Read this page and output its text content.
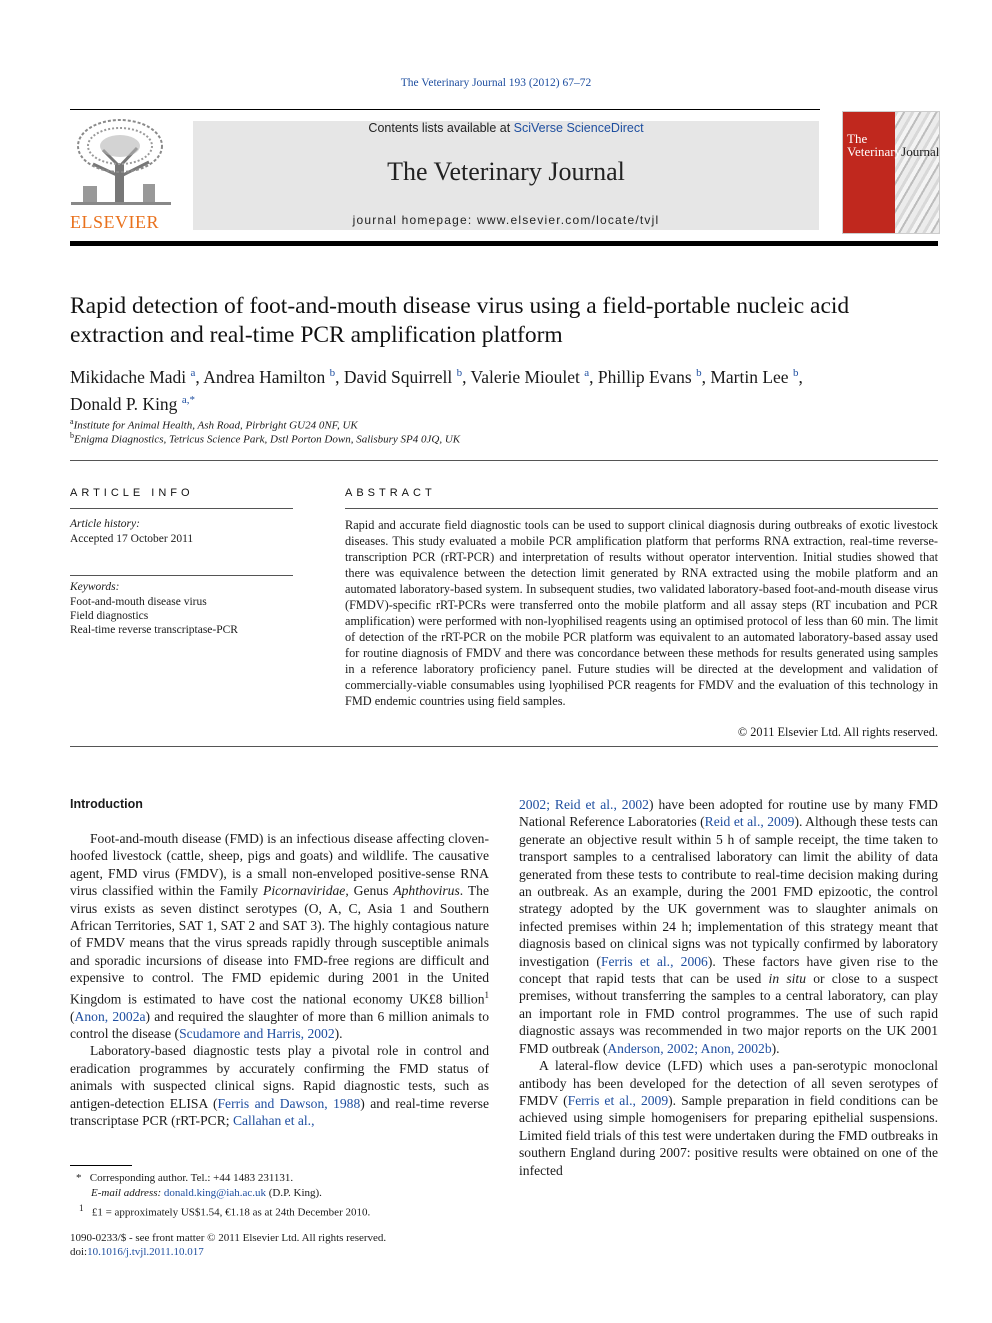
The Veterinary Journal 193 (2012) 67–72
ELSEVIER
Contents lists available at SciVerse ScienceDirect
The Veterinary Journal
journal homepage: www.elsevier.com/locate/tvjl
The
VeterinaryJournal
Rapid detection of foot-and-mouth disease virus using a field-portable nucleic acid extraction and real-time PCR amplification platform
Mikidache Madi $^a$, Andrea Hamilton $^b$, David Squirrell $^b$, Valerie Mioulet $^a$, Phillip Evans $^b$, Martin Lee $^b$,
Donald P. King $^{a,*}$
$^a$Institute for Animal Health, Ash Road, Pirbright GU24 0NF, UK
$^b$Enigma Diagnostics, Tetricus Science Park, Dstl Porton Down, Salisbury SP4 0JQ, UK
ARTICLE INFO
Article history:
Accepted 17 October 2011
Keywords:
Foot-and-mouth disease virus
Field diagnostics
Real-time reverse transcriptase-PCR
ABSTRACT
Rapid and accurate field diagnostic tools can be used to support clinical diagnosis during outbreaks of exotic livestock diseases. This study evaluated a mobile PCR amplification platform that performs RNA extraction, real-time reverse-transcription PCR (rRT-PCR) and interpretation of results without operator intervention. Initial studies showed that there was equivalence between the detection limit generated by RNA extracted using the mobile platform and an automated laboratory-based system. In subsequent studies, two validated laboratory-based foot-and-mouth disease virus (FMDV)-specific rRT-PCRs were transferred onto the mobile platform and all assay steps (RT incubation and PCR amplification) were performed with non-lyophilised reagents using an optimised protocol of less than 60 min. The limit of detection of the rRT-PCR on the mobile PCR platform was equivalent to an automated laboratory-based assay used for routine diagnosis of FMDV and there was concordance between these methods for results generated using samples in a reference laboratory proficiency panel. Future studies will be directed at the development and validation of commercially-viable consumables using lyophilised PCR reagents for FMDV and the evaluation of this technology in FMD endemic countries using field samples.
© 2011 Elsevier Ltd. All rights reserved.
Introduction

Foot-and-mouth disease (FMD) is an infectious disease affecting cloven-hoofed livestock (cattle, sheep, pigs and goats) and wildlife. The causative agent, FMD virus (FMDV), is a small non-enveloped positive-sense RNA virus classified within the Family Picornaviridae, Genus Aphthovirus. The virus exists as seven distinct serotypes (O, A, C, Asia 1 and Southern African Territories, SAT 1, SAT 2 and SAT 3). The highly contagious nature of FMDV means that the virus spreads rapidly through susceptible animals and sporadic incursions of disease into FMD-free regions are difficult and expensive to control. The FMD epidemic during 2001 in the United Kingdom is estimated to have cost the national economy UK£8 billion$^1$ (Anon, 2002a) and required the slaughter of more than 6 million animals to control the disease (Scudamore and Harris, 2002).

Laboratory-based diagnostic tests play a pivotal role in control and eradication programmes by accurately confirming the FMD status of animals with suspected clinical signs. Rapid diagnostic tests, such as antigen-detection ELISA (Ferris and Dawson, 1988) and real-time reverse transcriptase PCR (rRT-PCR; Callahan et al.,

2002; Reid et al., 2002) have been adopted for routine use by many FMD National Reference Laboratories (Reid et al., 2009). Although these tests can generate an objective result within 5 h of sample receipt, the time taken to transport samples to a centralised laboratory can limit the ability of data generated from these tests to contribute to real-time decision making during an outbreak. As an example, during the 2001 FMD epizootic, the control strategy adopted by the UK government was to slaughter animals on infected premises within 24 h; implementation of this strategy meant that diagnosis based on clinical signs was not typically confirmed by laboratory investigation (Ferris et al., 2006). These factors have given rise to the concept that rapid tests that can be used in situ or close to a suspect premises, without transferring the samples to a central laboratory, can play an important role in FMD control programmes. The use of such rapid diagnostic assays was recommended in two major reports on the UK 2001 FMD outbreak (Anderson, 2002; Anon, 2002b).

A lateral-flow device (LFD) which uses a pan-serotypic monoclonal antibody has been developed for the detection of all seven serotypes of FMDV (Ferris et al., 2009). Sample preparation in field conditions can be achieved using simple homogenisers for preparing epithelial suspensions. Limited field trials of this test were undertaken during the FMD outbreaks in southern England during 2007: positive results were obtained on one of the infected

* Corresponding author. Tel.: +44 1483 231131.
E-mail address: donald.king@iah.ac.uk (D.P. King).
$^1$ £1 = approximately US$1.54, €1.18 as at 24th December 2010.
1090-0233/$ - see front matter © 2011 Elsevier Ltd. All rights reserved.
doi:10.1016/j.tvjl.2011.10.017
